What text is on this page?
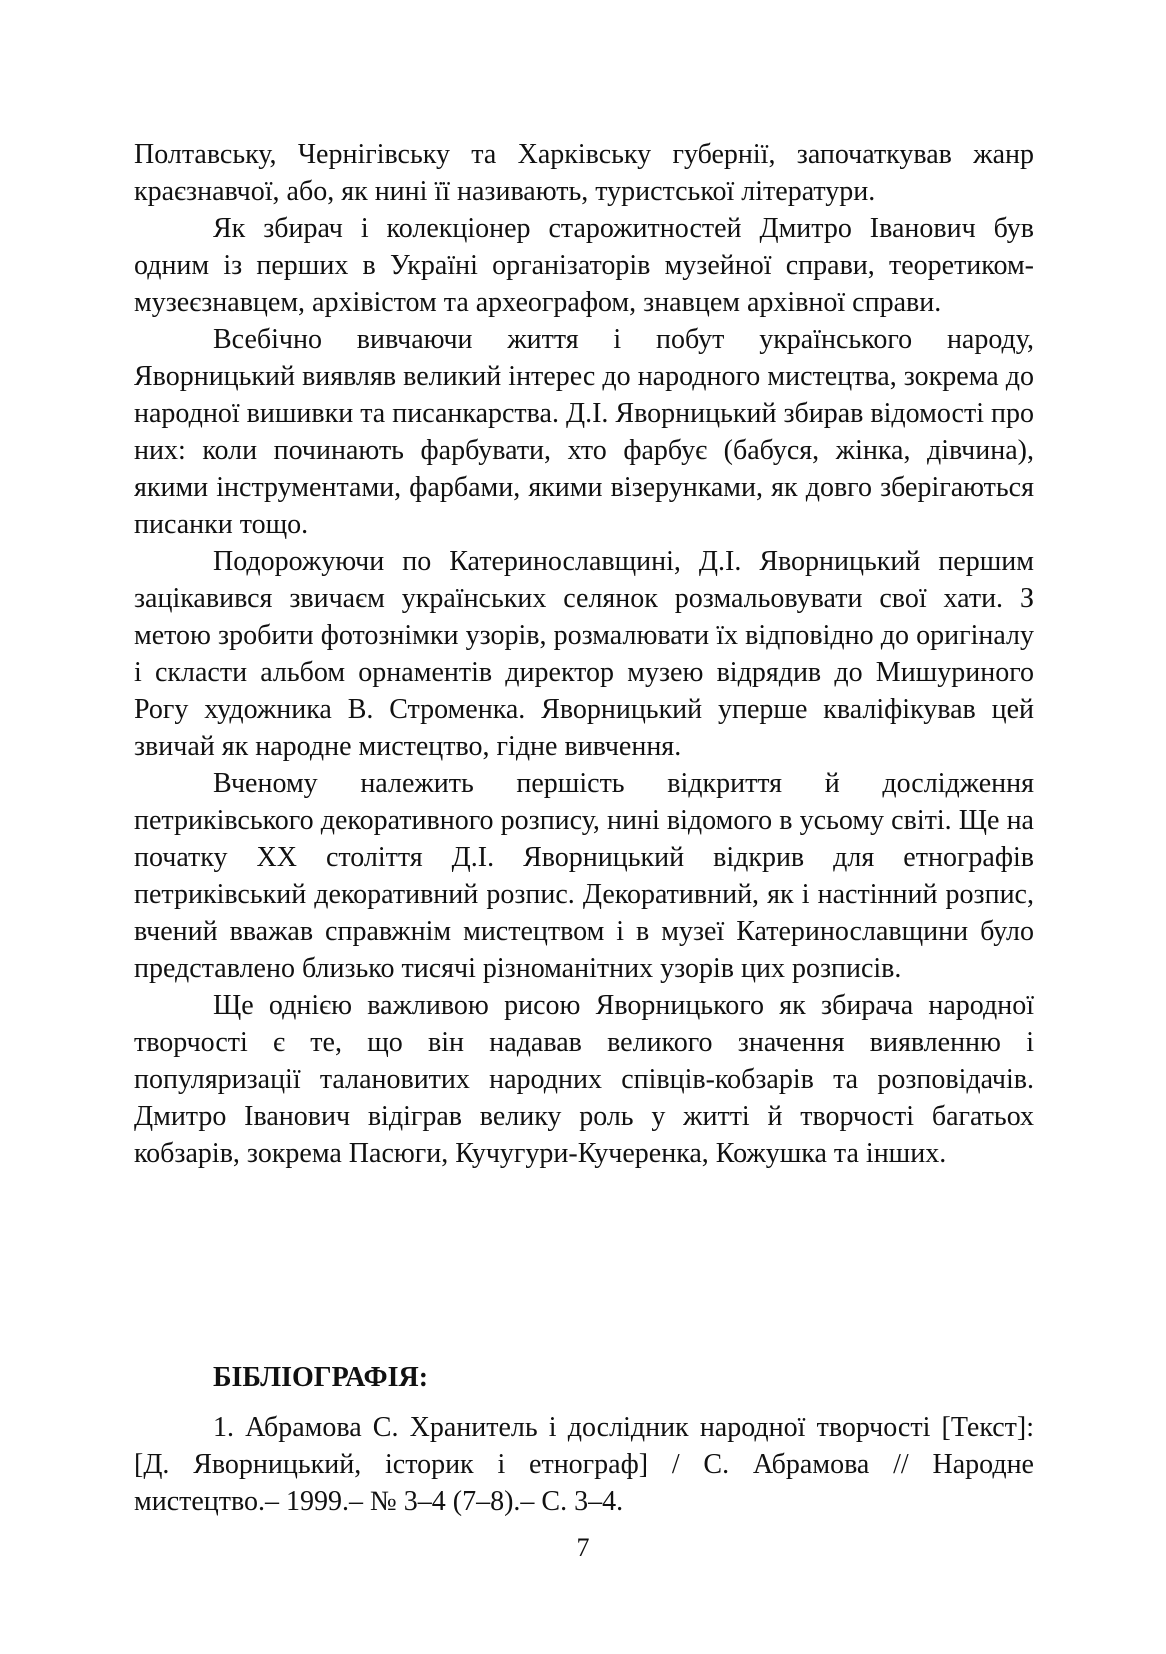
Полтавську, Чернігівську та Харківську губернії, започаткував жанр краєзнавчої, або, як нині її називають, туристської літератури.

Як збирач і колекціонер старожитностей Дмитро Іванович був одним із перших в Україні організаторів музейної справи, теоретиком-музеєзнавцем, архівістом та археографом, знавцем архівної справи.

Всебічно вивчаючи життя і побут українського народу, Яворницький виявляв великий інтерес до народного мистецтва, зокрема до народної вишивки та писанкарства. Д.І. Яворницький збирав відомості про них: коли починають фарбувати, хто фарбує (бабуся, жінка, дівчина), якими інструментами, фарбами, якими візерунками, як довго зберігаються писанки тощо.

Подорожуючи по Катеринославщині, Д.І. Яворницький першим зацікавився звичаєм українських селянок розмальовувати свої хати. З метою зробити фотознімки узорів, розмалювати їх відповідно до оригіналу і скласти альбом орнаментів директор музею відрядив до Мишуриного Рогу художника В. Строменка. Яворницький уперше кваліфікував цей звичай як народне мистецтво, гідне вивчення.

Вченому належить першість відкриття й дослідження петриківського декоративного розпису, нині відомого в усьому світі. Ще на початку XX століття Д.І. Яворницький відкрив для етнографів петриківський декоративний розпис. Декоративний, як і настінний розпис, вчений вважав справжнім мистецтвом і в музеї Катеринославщини було представлено близько тисячі різноманітних узорів цих розписів.

Ще однією важливою рисою Яворницького як збирача народної творчості є те, що він надавав великого значення виявленню і популяризації талановитих народних співців-кобзарів та розповідачів. Дмитро Іванович відіграв велику роль у житті й творчості багатьох кобзарів, зокрема Пасюги, Кучугури-Кучеренка, Кожушка та інших.

БІБЛІОГРАФІЯ:
1. Абрамова С. Хранитель і дослідник народної творчості [Текст]: [Д. Яворницький, історик і етнограф] / С. Абрамова // Народне мистецтво.– 1999.– № 3–4 (7–8).– С. 3–4.
7
